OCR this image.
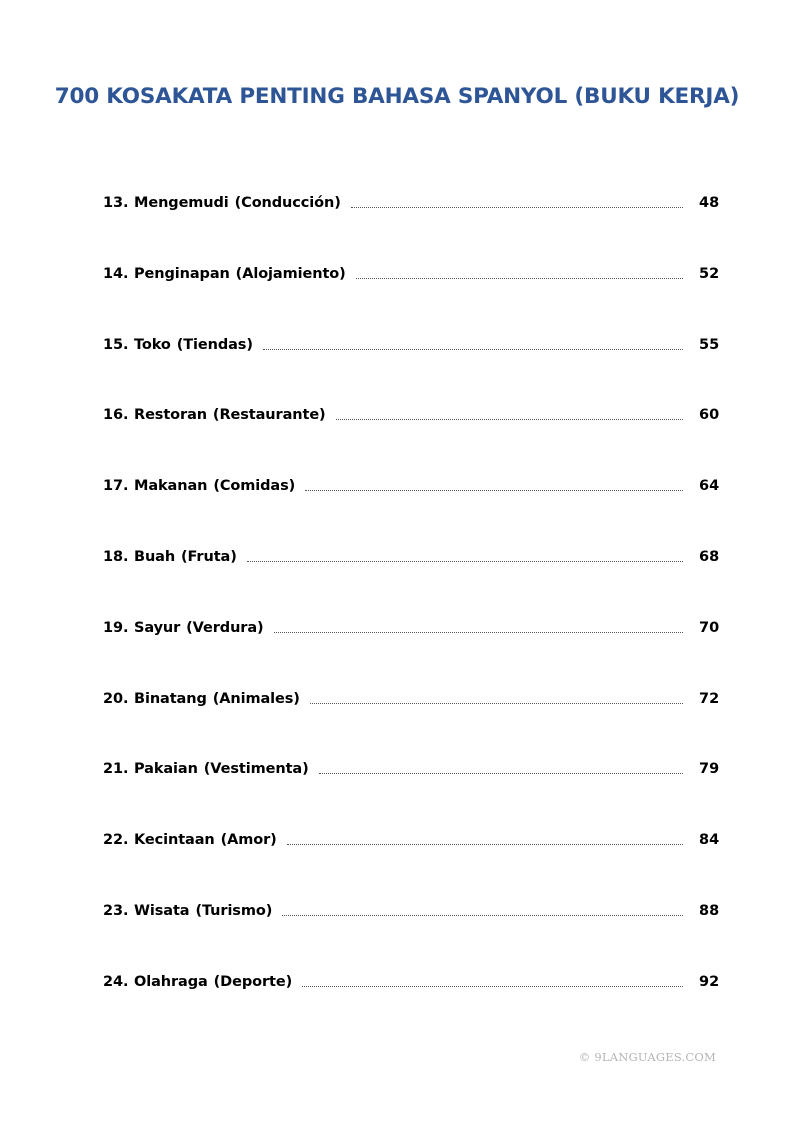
700 KOSAKATA PENTING BAHASA SPANYOL (BUKU KERJA)
13. Mengemudi (Conducción)	48
14. Penginapan (Alojamiento)	52
15. Toko (Tiendas)	55
16. Restoran (Restaurante)	60
17. Makanan (Comidas)	64
18. Buah (Fruta)	68
19. Sayur (Verdura)	70
20. Binatang (Animales)	72
21. Pakaian (Vestimenta)	79
22. Kecintaan (Amor)	84
23. Wisata (Turismo)	88
24. Olahraga (Deporte)	92
© 9LANGUAGES.COM
